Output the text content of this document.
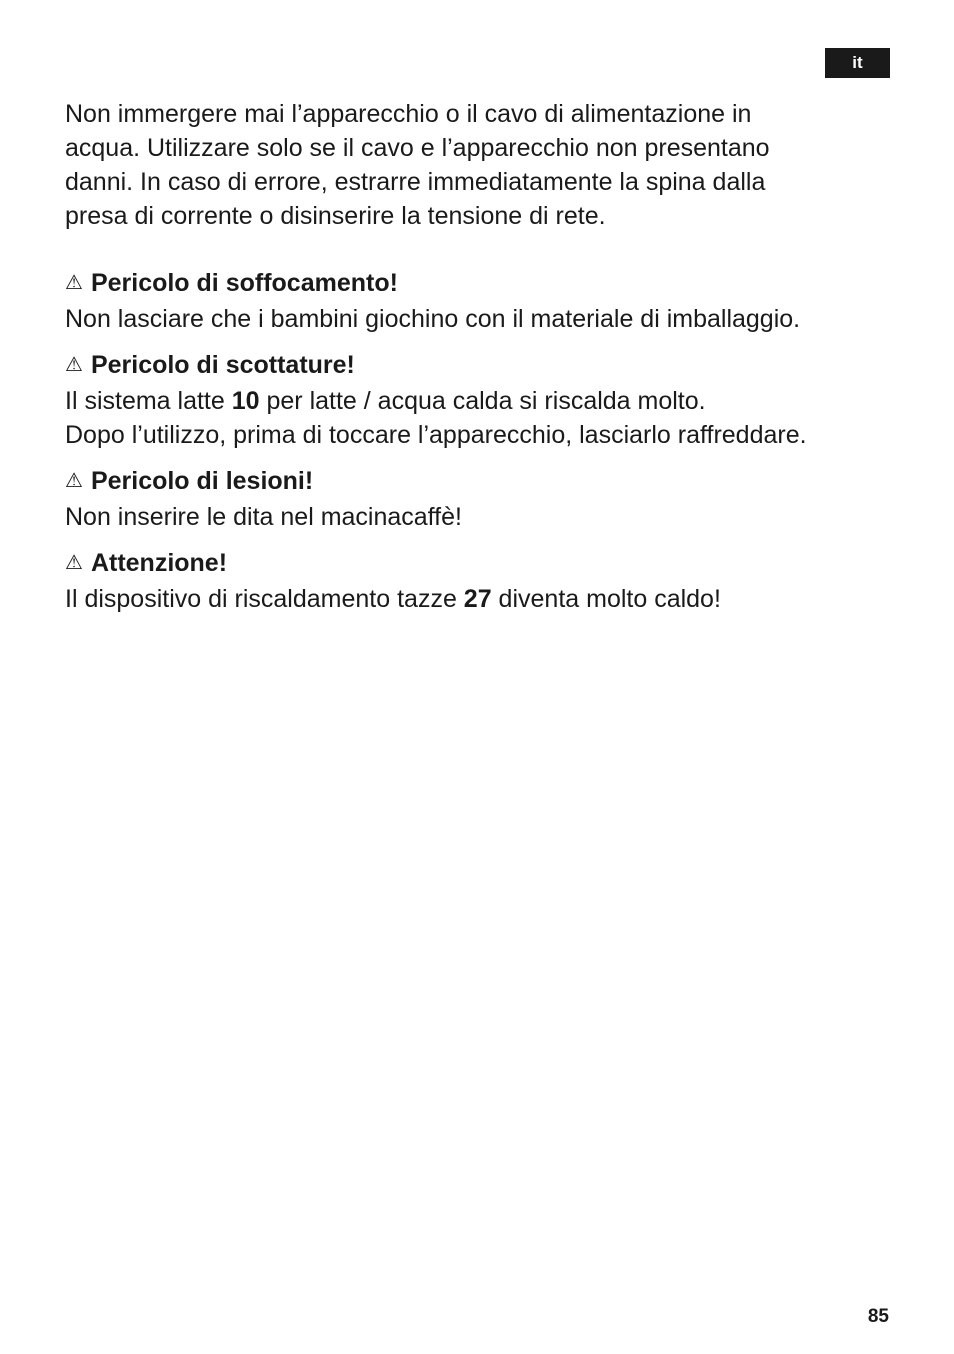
it

Non immergere mai l’apparecchio o il cavo di alimentazione in
acqua. Utilizzare solo se il cavo e l’apparecchio non presentano
danni. In caso di errore, estrarre immediatamente la spina dalla
presa di corrente o disinserire la tensione di rete.

⚠ Pericolo di soffocamento!
Non lasciare che i bambini giochino con il materiale di imballaggio.
⚠ Pericolo di scottature!
Il sistema latte 10 per latte / acqua calda si riscalda molto.
Dopo l’utilizzo, prima di toccare l’apparecchio, lasciarlo raffreddare.
⚠ Pericolo di lesioni!
Non inserire le dita nel macinacaffè!
⚠ Attenzione!
Il dispositivo di riscaldamento tazze 27 diventa molto caldo!
85
